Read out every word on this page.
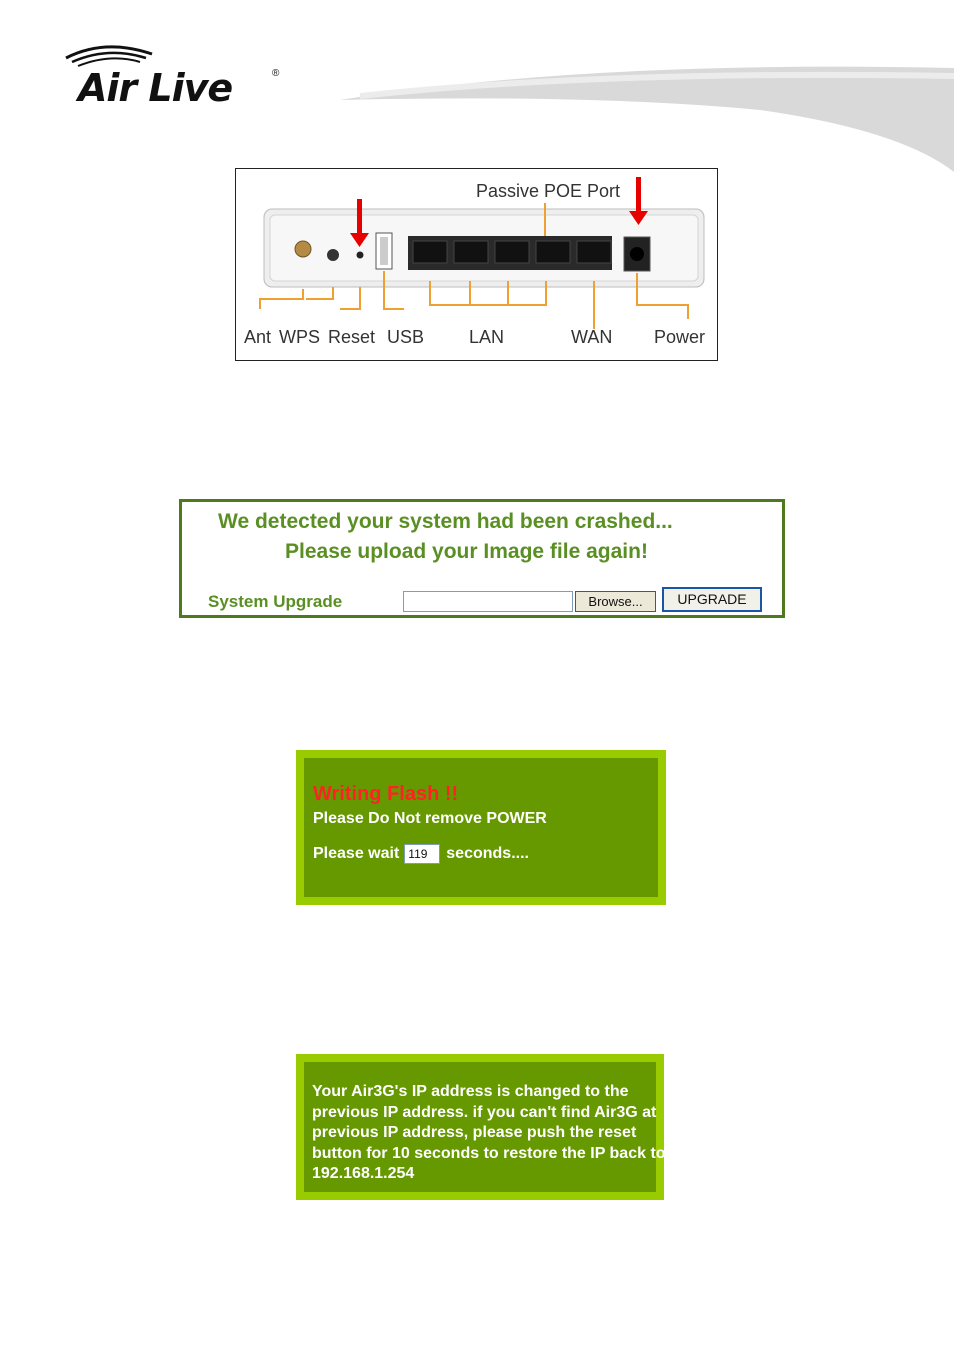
Air Live	®
Passive POE Port
Ant WPS Reset USB LAN	WAN Power
We detected your system had been crashed...
Please upload your Image file again!
System Upgrade	Browse...	UPGRADE
Writing Flash !!
Please Do Not remove POWER
Please wait 119	seconds....
Your Air3G's IP address is changed to the previous IP address. if you can't find Air3G at previous IP address, please push the reset button for 10 seconds to restore the IP back to 192.168.1.254
